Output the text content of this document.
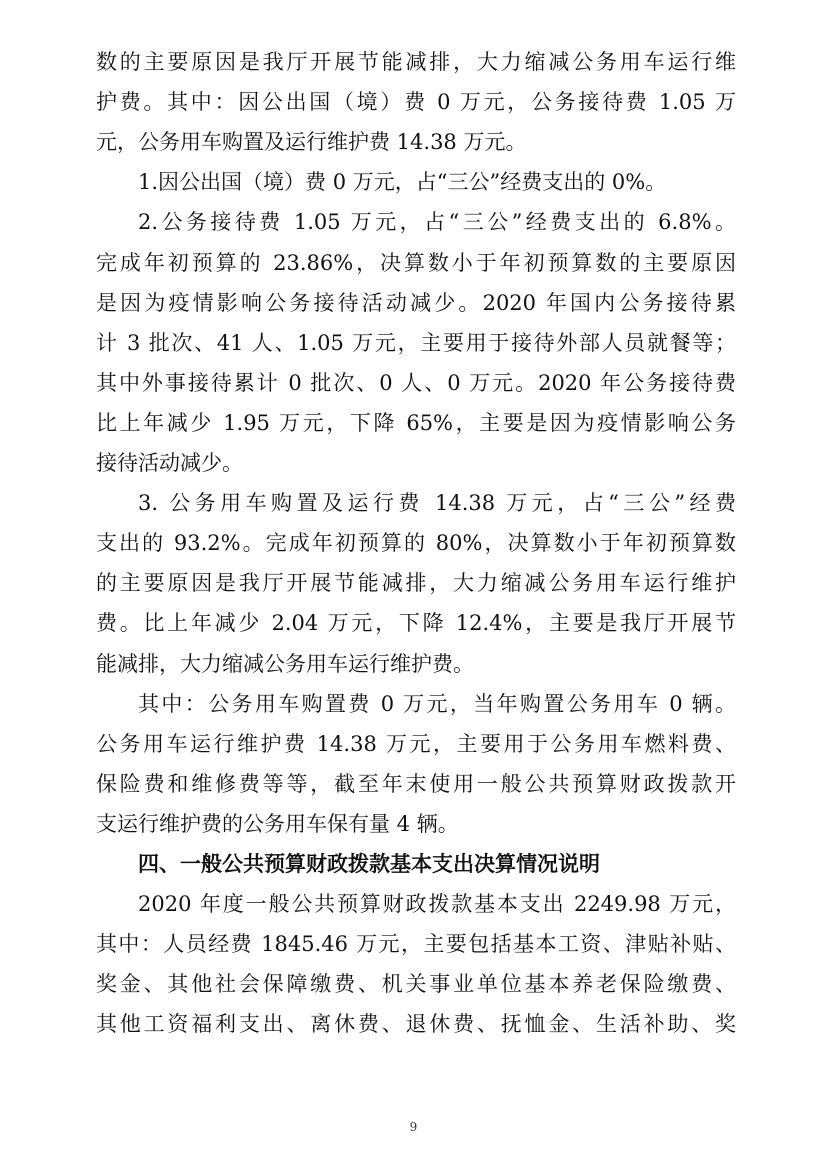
数的主要原因是我厅开展节能减排，大力缩减公务用车运行维
护费。其中：因公出国（境）费 0 万元，公务接待费 1.05 万
元，公务用车购置及运行维护费 14.38 万元。
1.因公出国（境）费 0 万元，占“三公”经费支出的 0%。
2.公务接待费 1.05 万元，占“三公”经费支出的 6.8%。
完成年初预算的 23.86%，决算数小于年初预算数的主要原因
是因为疫情影响公务接待活动减少。2020 年国内公务接待累
计 3 批次、41 人、1.05 万元，主要用于接待外部人员就餐等；
其中外事接待累计 0 批次、0 人、0 万元。2020 年公务接待费
比上年减少 1.95 万元，下降 65%，主要是因为疫情影响公务
接待活动减少。
3. 公务用车购置及运行费 14.38 万元，占“三公”经费
支出的 93.2%。完成年初预算的 80%，决算数小于年初预算数
的主要原因是我厅开展节能减排，大力缩减公务用车运行维护
费。比上年减少 2.04 万元，下降 12.4%，主要是我厅开展节
能减排，大力缩减公务用车运行维护费。
其中：公务用车购置费 0 万元，当年购置公务用车 0 辆。
公务用车运行维护费 14.38 万元，主要用于公务用车燃料费、
保险费和维修费等等，截至年末使用一般公共预算财政拨款开
支运行维护费的公务用车保有量 4 辆。
四、一般公共预算财政拨款基本支出决算情况说明
2020 年度一般公共预算财政拨款基本支出 2249.98 万元，
其中：人员经费 1845.46 万元，主要包括基本工资、津贴补贴、
奖金、其他社会保障缴费、机关事业单位基本养老保险缴费、
其他工资福利支出、离休费、退休费、抚恤金、生活补助、奖
9
